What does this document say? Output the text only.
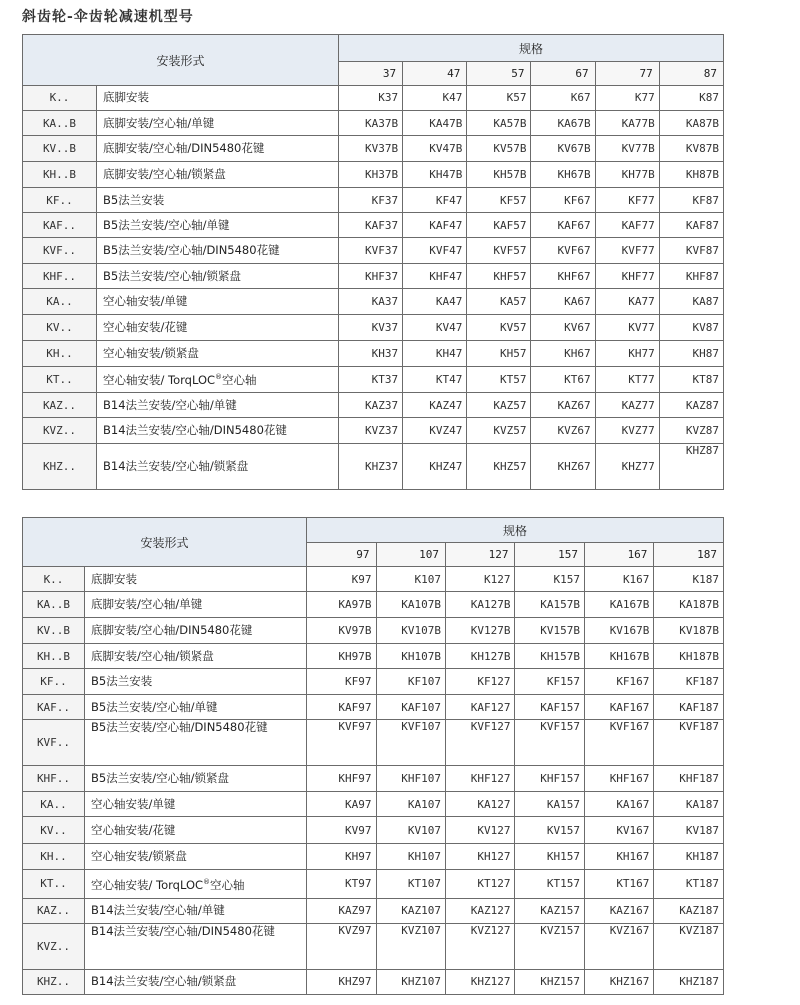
斜齿轮-伞齿轮减速机型号
安装形式		规格					
		37	47	57	67	77	87
K..	底脚安装	K37	K47	K57	K67	K77	K87
KA..B	底脚安装/空心轴/单键	KA37B	KA47B	KA57B	KA67B	KA77B	KA87B
KV..B	底脚安装/空心轴/DIN5480花键	KV37B	KV47B	KV57B	KV67B	KV77B	KV87B
KH..B	底脚安装/空心轴/锁紧盘	KH37B	KH47B	KH57B	KH67B	KH77B	KH87B
KF..	B5法兰安装	KF37	KF47	KF57	KF67	KF77	KF87
KAF..	B5法兰安装/空心轴/单键	KAF37	KAF47	KAF57	KAF67	KAF77	KAF87
KVF..	B5法兰安装/空心轴/DIN5480花键	KVF37	KVF47	KVF57	KVF67	KVF77	KVF87
KHF..	B5法兰安装/空心轴/锁紧盘	KHF37	KHF47	KHF57	KHF67	KHF77	KHF87
KA..	空心轴安装/单键	KA37	KA47	KA57	KA67	KA77	KA87
KV..	空心轴安装/花键	KV37	KV47	KV57	KV67	KV77	KV87
KH..	空心轴安装/锁紧盘	KH37	KH47	KH57	KH67	KH77	KH87
KT..	空心轴安装/ TorqLOC®空心轴	KT37	KT47	KT57	KT67	KT77	KT87
KAZ..	B14法兰安装/空心轴/单键	KAZ37	KAZ47	KAZ57	KAZ67	KAZ77	KAZ87
KVZ..	B14法兰安装/空心轴/DIN5480花键	KVZ37	KVZ47	KVZ57	KVZ67	KVZ77	KVZ87
KHZ..	B14法兰安装/空心轴/锁紧盘	KHZ37	KHZ47	KHZ57	KHZ67	KHZ77	KHZ87
安装形式		规格					
		97	107	127	157	167	187
K..	底脚安装	K97	K107	K127	K157	K167	K187
KA..B	底脚安装/空心轴/单键	KA97B	KA107B	KA127B	KA157B	KA167B	KA187B
KV..B	底脚安装/空心轴/DIN5480花键	KV97B	KV107B	KV127B	KV157B	KV167B	KV187B
KH..B	底脚安装/空心轴/锁紧盘	KH97B	KH107B	KH127B	KH157B	KH167B	KH187B
KF..	B5法兰安装	KF97	KF107	KF127	KF157	KF167	KF187
KAF..	B5法兰安装/空心轴/单键	KAF97	KAF107	KAF127	KAF157	KAF167	KAF187
KVF..	B5法兰安装/空心轴/DIN5480花键	KVF97	KVF107	KVF127	KVF157	KVF167	KVF187
KHF..	B5法兰安装/空心轴/锁紧盘	KHF97	KHF107	KHF127	KHF157	KHF167	KHF187
KA..	空心轴安装/单键	KA97	KA107	KA127	KA157	KA167	KA187
KV..	空心轴安装/花键	KV97	KV107	KV127	KV157	KV167	KV187
KH..	空心轴安装/锁紧盘	KH97	KH107	KH127	KH157	KH167	KH187
KT..	空心轴安装/ TorqLOC®空心轴	KT97	KT107	KT127	KT157	KT167	KT187
KAZ..	B14法兰安装/空心轴/单键	KAZ97	KAZ107	KAZ127	KAZ157	KAZ167	KAZ187
KVZ..	B14法兰安装/空心轴/DIN5480花键	KVZ97	KVZ107	KVZ127	KVZ157	KVZ167	KVZ187
KHZ..	B14法兰安装/空心轴/锁紧盘	KHZ97	KHZ107	KHZ127	KHZ157	KHZ167	KHZ187
